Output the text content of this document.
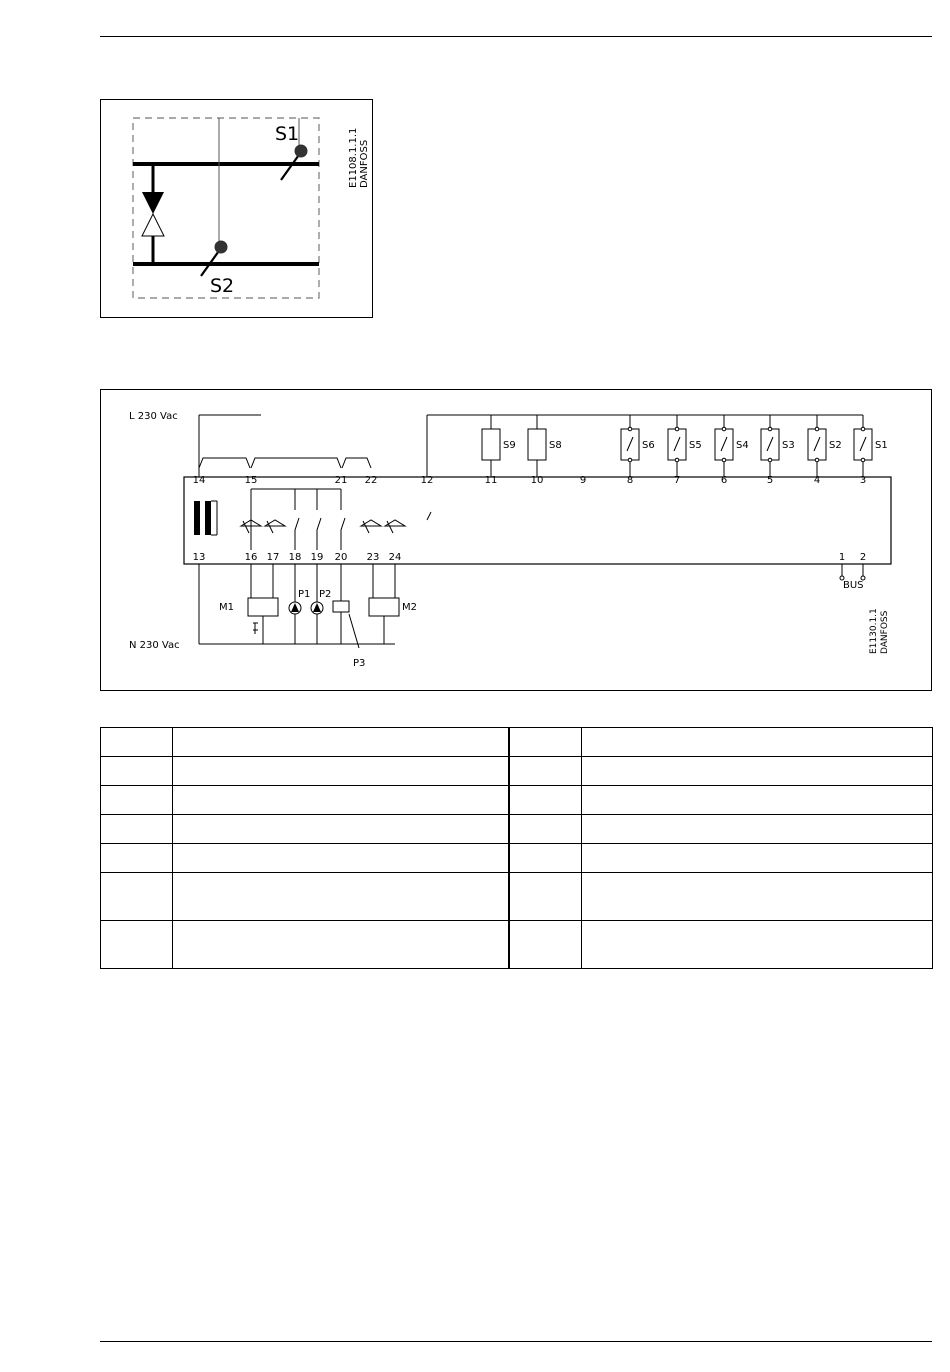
S1
S2
E1108.1.1.1 DANFOSS
L 230 Vac
N 230 Vac
14	15	21 22	12	11	10	9	8	7	6	5	4	3
13	16 17 18 19 20 23 24	1 2
S9	S8	S6	S5	S4	S3	S2	S1
M1
P1 P2
P3
M2
BUS
E1130.1.1 DANFOSS
